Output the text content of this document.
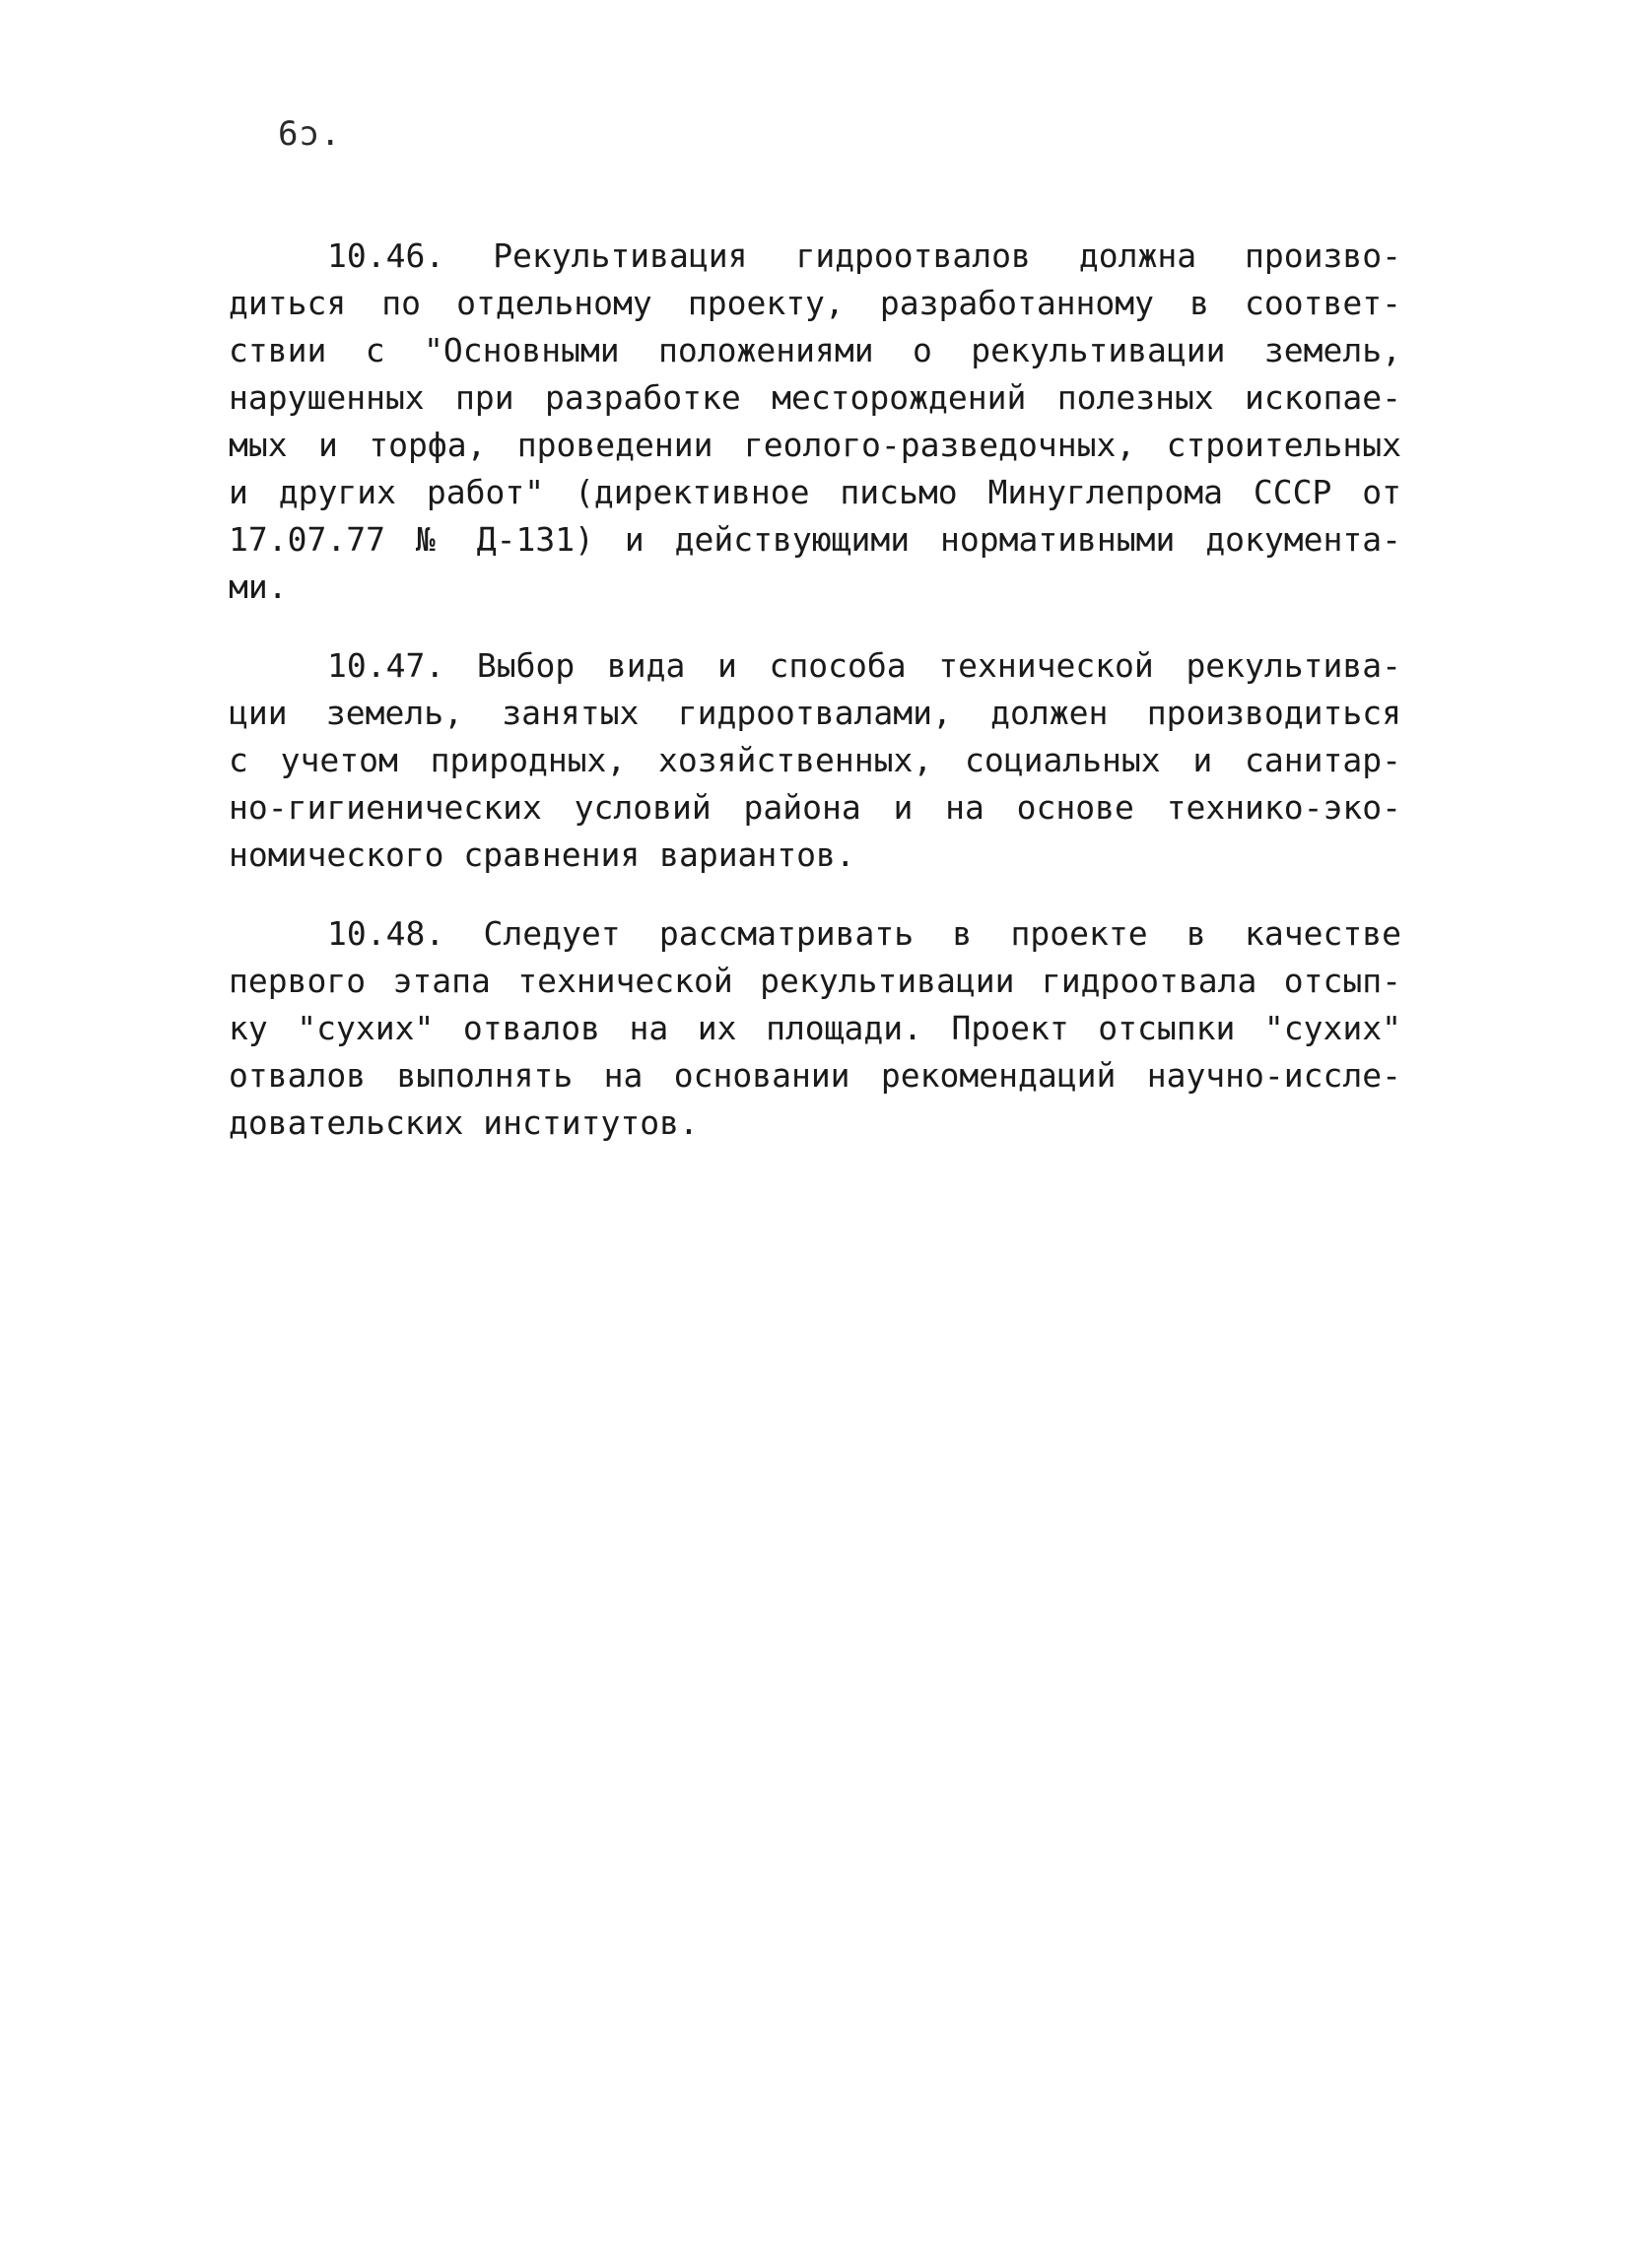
6ɔ.
10.46. Рекультивация гидроотвалов должна произво-
диться по отдельному проекту, разработанному в соответ-
ствии с "Основными положениями о рекультивации земель,
нарушенных при разработке месторождений полезных ископае-
мых и торфа, проведении геолого-разведочных, строительных
и других работ" (директивное письмо Минуглепрома СССР от
17.07.77 № Д-131) и действующими нормативными документа-
ми.
10.47. Выбор вида и способа технической рекультива-
ции земель, занятых гидроотвалами, должен производиться
с учетом природных, хозяйственных, социальных и санитар-
но-гигиенических условий района и на основе технико-эко-
номического сравнения вариантов.
10.48. Следует рассматривать в проекте в качестве
первого этапа технической рекультивации гидроотвала отсып-
ку "сухих" отвалов на их площади. Проект отсыпки "сухих"
отвалов выполнять на основании рекомендаций научно-иссле-
довательских институтов.
